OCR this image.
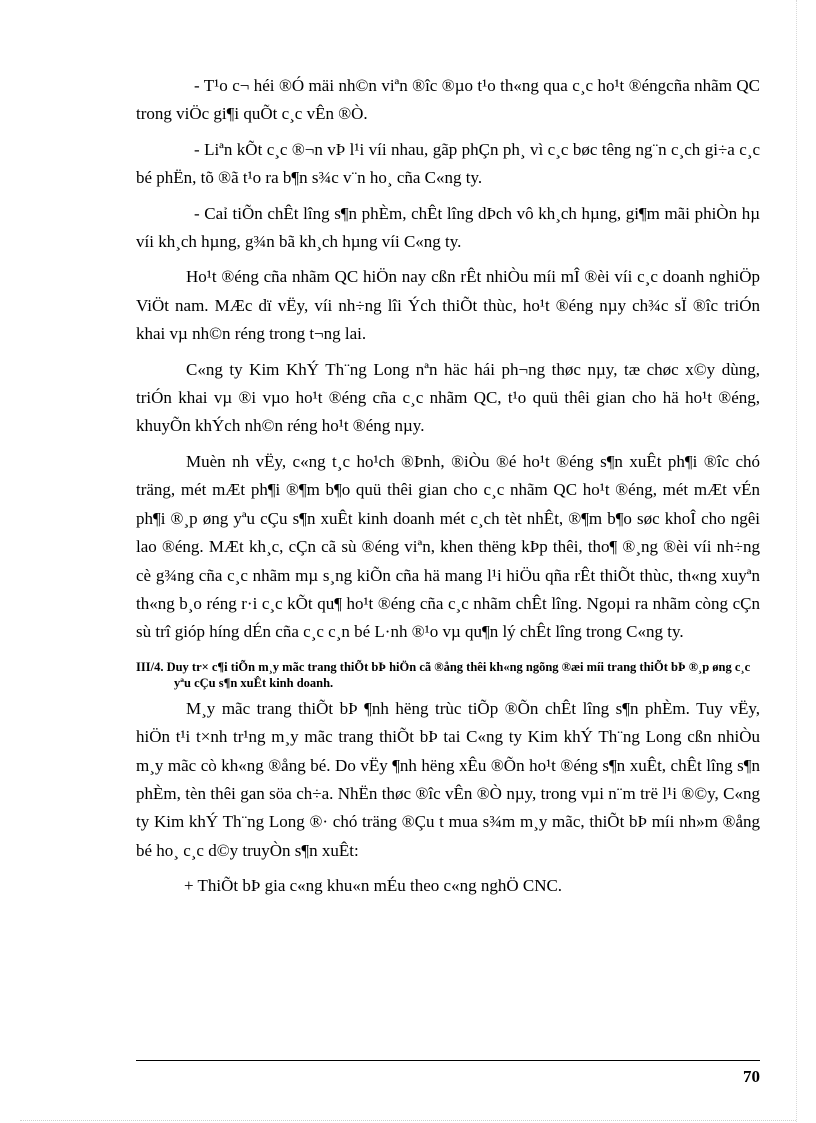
- T¹o c¬ héi ®Ó mäi nh©n viªn ®îc ®µo t¹o th«ng qua c¸c ho¹t ®éngcña nhãm QC trong viÖc gi¶i quÕt c¸c vÊn ®Ò.

- Liªn kÕt c¸c ®¬n vÞ l¹i víi nhau, gãp phÇn ph¸ vì c¸c bøc têng ng¨n c¸ch gi÷a c¸c bé phËn, tõ ®ã t¹o ra b¶n s¾c v¨n ho¸ cña C«ng ty.

- Caỉ tiÕn chÊt lîng s¶n phÈm, chÊt lîng dÞch vô kh¸ch hµng, gi¶m mãi phiÒn hµ víi kh¸ch hµng, g¾n bã kh¸ch hµng víi C«ng ty.

Ho¹t ®éng cña nhãm QC hiÖn nay cßn rÊt nhiÒu míi mÎ ®èi víi c¸c doanh nghiÖp ViÖt nam. MÆc dï vËy, víi nh÷ng lîi Ých thiÕt thùc, ho¹t ®éng nµy ch¾c sÏ ®îc triÓn khai vµ nh©n réng trong t¬ng lai.

C«ng ty Kim KhÝ Th¨ng Long nªn häc hái ph¬ng thøc nµy, tæ chøc x©y dùng, triÓn khai vµ ®i vµo ho¹t ®éng cña c¸c nhãm QC, t¹o quü thêi gian cho hä ho¹t ®éng, khuyÕn khÝch nh©n réng ho¹t ®éng nµy.

Muèn nh vËy, c«ng t¸c ho¹ch ®Þnh, ®iÒu ®é ho¹t ®éng s¶n xuÊt ph¶i ®îc chó träng, mét mÆt ph¶i ®¶m b¶o quü thêi gian cho c¸c nhãm QC ho¹t ®éng, mét mÆt vÉn ph¶i ®¸p øng yªu cÇu s¶n xuÊt kinh doanh mét c¸ch tèt nhÊt, ®¶m b¶o søc khoÎ cho ngêi lao ®éng. MÆt kh¸c, cÇn cã sù ®éng viªn, khen thëng kÞp thêi, tho¶ ®¸ng ®èi víi nh÷ng cè g¾ng cña c¸c nhãm mµ s¸ng kiÕn cña hä mang l¹i hiÖu qña rÊt thiÕt thùc, th«ng xuyªn th«ng b¸o réng r·i c¸c kÕt qu¶ ho¹t ®éng cña c¸c nhãm chÊt lîng. Ngoµi ra nhãm còng cÇn sù trî gióp híng dÉn cña c¸c c¸n bé L·nh ®¹o vµ qu¶n lý chÊt lîng trong C«ng ty.

III/4. Duy tr× c¶i tiÕn m¸y mãc trang thiÕt bÞ hiÖn cã ®ång thêi kh«ng ngõng ®æi míi trang thiÕt bÞ ®¸p øng c¸c yªu cÇu s¶n xuÊt kinh doanh.

M¸y mãc trang thiÕt bÞ ¶nh hëng trùc tiÕp ®Õn chÊt lîng s¶n phÈm. Tuy vËy, hiÖn t¹i t×nh tr¹ng m¸y mãc trang thiÕt bÞ tai C«ng ty Kim khÝ Th¨ng Long cßn nhiÒu m¸y mãc cò kh«ng ®ång bé. Do vËy ¶nh hëng xÊu ®Õn ho¹t ®éng s¶n xuÊt, chÊt lîng s¶n phÈm, tèn thêi gan söa ch÷a. NhËn thøc ®îc vÊn ®Ò nµy, trong vµi n¨m trë l¹i ®©y, C«ng ty Kim khÝ Th¨ng Long ®· chó träng ®Çu t mua s¾m m¸y mãc, thiÕt bÞ míi nh»m ®ång bé ho¸ c¸c d©y truyÒn s¶n xuÊt:

+ ThiÕt bÞ gia c«ng khu«n mÉu theo c«ng nghÖ CNC.

70
